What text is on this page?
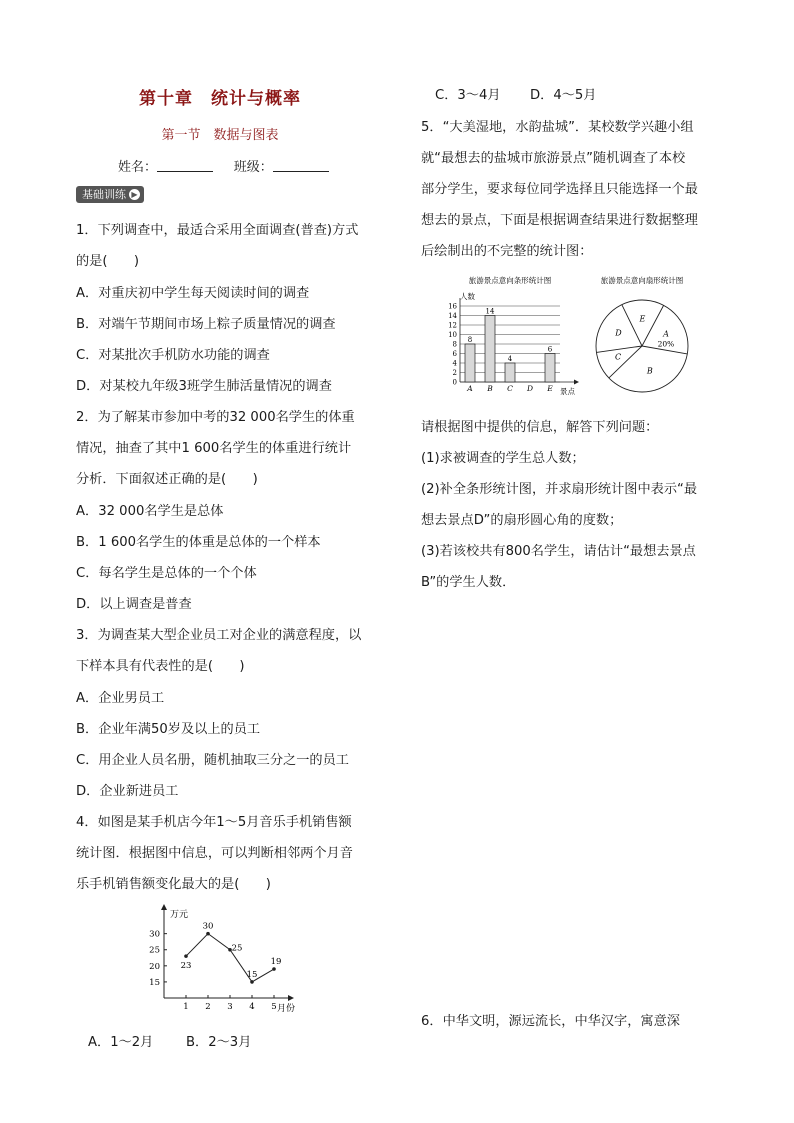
第十章　统计与概率
第一节　数据与图表
姓名：	班级：
基础训练 ▶
1．下列调查中，最适合采用全面调查(普查)方式
的是(　　)
A．对重庆初中学生每天阅读时间的调查
B．对端午节期间市场上粽子质量情况的调查
C．对某批次手机防水功能的调查
D．对某校九年级3班学生肺活量情况的调查
2．为了解某市参加中考的32 000名学生的体重
情况，抽查了其中1 600名学生的体重进行统计
分析．下面叙述正确的是(　　)
A．32 000名学生是总体
B．1 600名学生的体重是总体的一个样本
C．每名学生是总体的一个个体
D．以上调查是普查
3．为调查某大型企业员工对企业的满意程度，以
下样本具有代表性的是(　　)
A．企业男员工
B．企业年满50岁及以上的员工
C．用企业人员名册，随机抽取三分之一的员工
D．企业新进员工
4．如图是某手机店今年1～5月音乐手机销售额
统计图．根据图中信息，可以判断相邻两个月音
乐手机销售额变化最大的是(　　)
15
20
25
30
1 2 3 4 5
23
30
25
15
19
万元
月份
A．1～2月 B．2～3月
C．3～4月 D．4～5月
5．“大美湿地，水韵盐城”．某校数学兴趣小组
就“最想去的盐城市旅游景点”随机调查了本校
部分学生，要求每位同学选择且只能选择一个最
想去的景点，下面是根据调查结果进行数据整理
后绘制出的不完整的统计图：
请根据图中提供的信息，解答下列问题：
(1)求被调查的学生总人数；
(2)补全条形统计图，并求扇形统计图中表示“最
想去景点D”的扇形圆心角的度数；
(3)若该校共有800名学生，请估计“最想去景点
B”的学生人数．
6．中华文明，源远流长，中华汉字，寓意深
旅游景点意向条形统计图
人数
景点
0
2
4
6
8
10
12
14
16
8
A
14
B
4
C D
6
E
旅游景点意向扇形统计图
A
20%
B
C
D
E
